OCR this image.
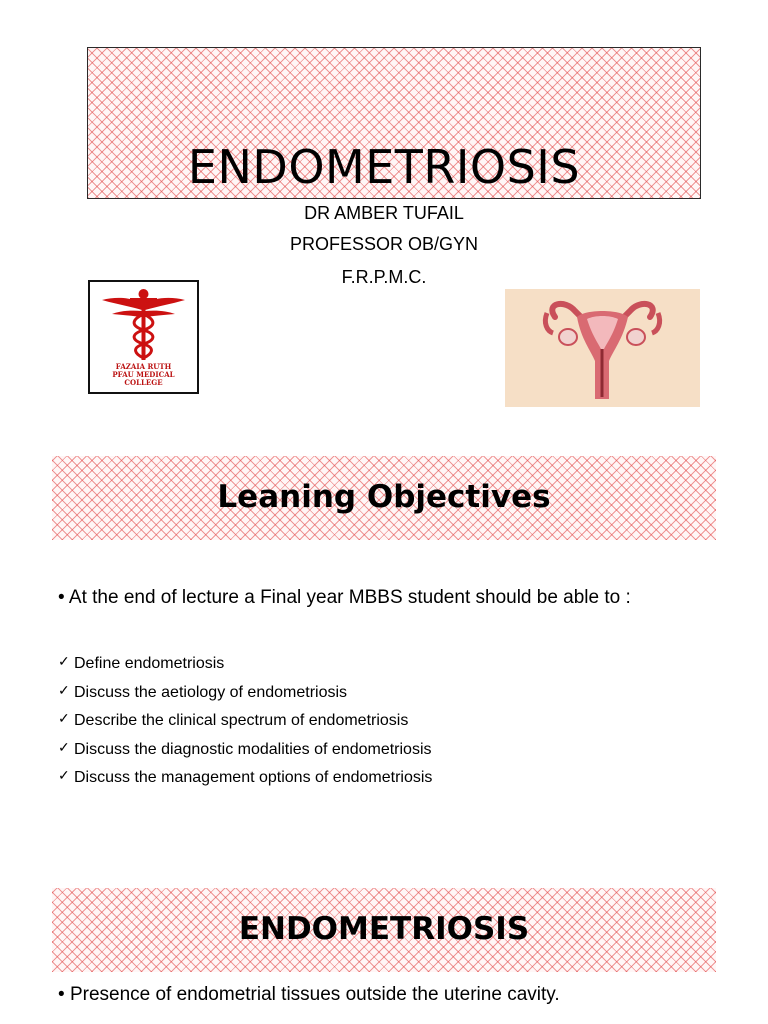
ENDOMETRIOSIS
DR AMBER TUFAIL
PROFESSOR OB/GYN
F.R.P.M.C.
FAZAIA RUTH
PFAU MEDICAL
COLLEGE
Leaning Objectives
• At the end of lecture a Final year MBBS student should be able to :
✓ Define endometriosis
✓ Discuss the aetiology of endometriosis
✓ Describe the clinical spectrum of endometriosis
✓ Discuss the diagnostic modalities of endometriosis
✓ Discuss the management options of endometriosis
ENDOMETRIOSIS
• Presence of endometrial tissues outside the uterine cavity.
